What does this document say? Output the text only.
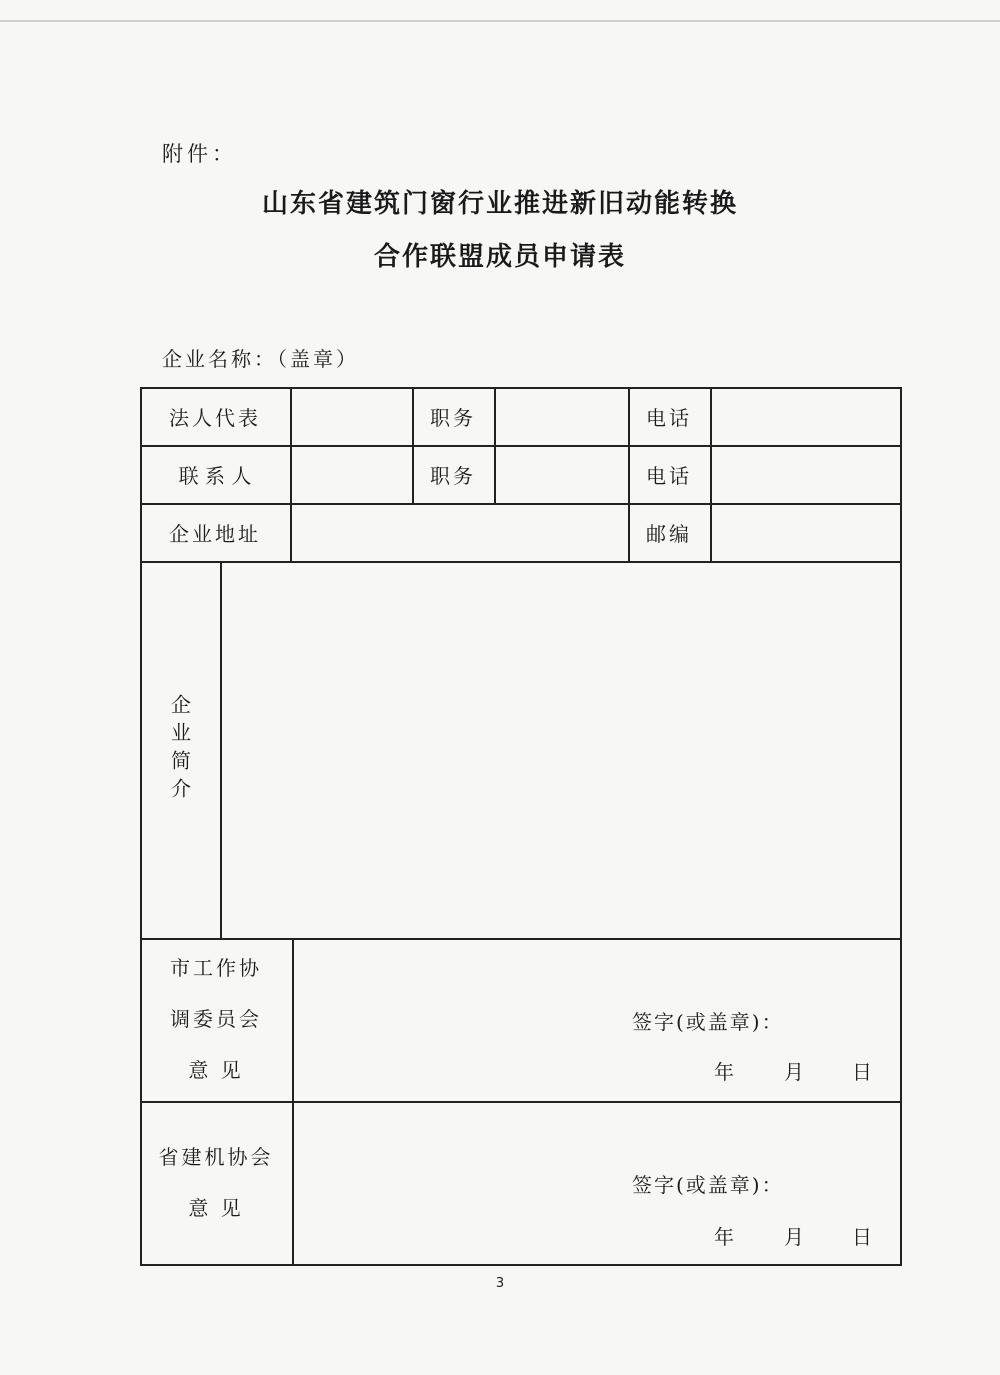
附件：
山东省建筑门窗行业推进新旧动能转换
合作联盟成员申请表
企业名称：（盖章）
法人代表	职务	电话
联 系 人	职务	电话
企业地址	邮编
企业简介
市工作协
调委员会
意 见
签字(或盖章)：
年	月 日
省建机协会
意 见
签字(或盖章)：
年	月 日
3
